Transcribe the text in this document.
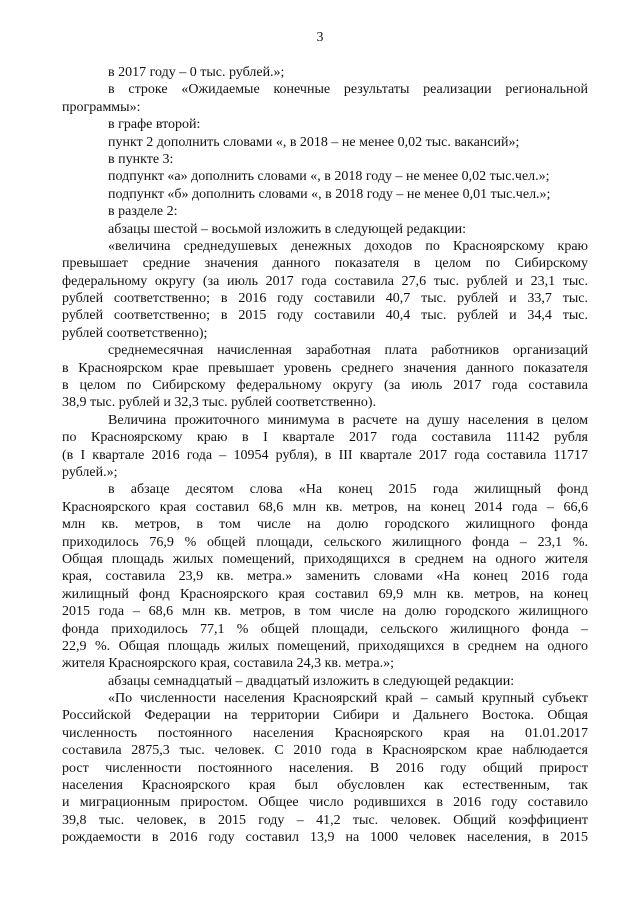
3
в 2017 году – 0 тыс. рублей.»;
в строке «Ожидаемые конечные результаты реализации региональной
программы»:
в графе второй:
пункт 2 дополнить словами «, в 2018 – не менее 0,02 тыс. вакансий»;
в пункте 3:
подпункт «а» дополнить словами «, в 2018 году – не менее 0,02 тыс.чел.»;
подпункт «б» дополнить словами «, в 2018 году – не менее 0,01 тыс.чел.»;
в разделе 2:
абзацы шестой – восьмой изложить в следующей редакции:
«величина среднедушевых денежных доходов по Красноярскому краю
превышает средние значения данного показателя в целом по Сибирскому
федеральному округу (за июль 2017 года составила 27,6 тыс. рублей и 23,1 тыс.
рублей соответственно; в 2016 году составили 40,7 тыс. рублей и 33,7 тыс.
рублей соответственно; в 2015 году составили 40,4 тыс. рублей и 34,4 тыс.
рублей соответственно);
среднемесячная начисленная заработная плата работников организаций
в Красноярском крае превышает уровень среднего значения данного показателя
в целом по Сибирскому федеральному округу (за июль 2017 года составила
38,9 тыс. рублей и 32,3 тыс. рублей соответственно).
Величина прожиточного минимума в расчете на душу населения в целом
по Красноярскому краю в I квартале 2017 года составила 11142 рубля
(в I квартале 2016 года – 10954 рубля), в III квартале 2017 года составила 11717
рублей.»;
в абзаце десятом слова «На конец 2015 года жилищный фонд
Красноярского края составил 68,6 млн кв. метров, на конец 2014 года – 66,6
млн кв. метров, в том числе на долю городского жилищного фонда
приходилось 76,9 % общей площади, сельского жилищного фонда – 23,1 %.
Общая площадь жилых помещений, приходящихся в среднем на одного жителя
края, составила 23,9 кв. метра.» заменить словами «На конец 2016 года
жилищный фонд Красноярского края составил 69,9 млн кв. метров, на конец
2015 года – 68,6 млн кв. метров, в том числе на долю городского жилищного
фонда приходилось 77,1 % общей площади, сельского жилищного фонда –
22,9 %. Общая площадь жилых помещений, приходящихся в среднем на одного
жителя Красноярского края, составила 24,3 кв. метра.»;
абзацы семнадцатый – двадцатый изложить в следующей редакции:
«По численности населения Красноярский край – самый крупный субъект
Российской Федерации на территории Сибири и Дальнего Востока. Общая
численность постоянного населения Красноярского края на 01.01.2017
составила 2875,3 тыс. человек. С 2010 года в Красноярском крае наблюдается
рост численности постоянного населения. В 2016 году общий прирост
населения Красноярского края был обусловлен как естественным, так
и миграционным приростом. Общее число родившихся в 2016 году составило
39,8 тыс. человек, в 2015 году – 41,2 тыс. человек. Общий коэффициент
рождаемости в 2016 году составил 13,9 на 1000 человек населения, в 2015
